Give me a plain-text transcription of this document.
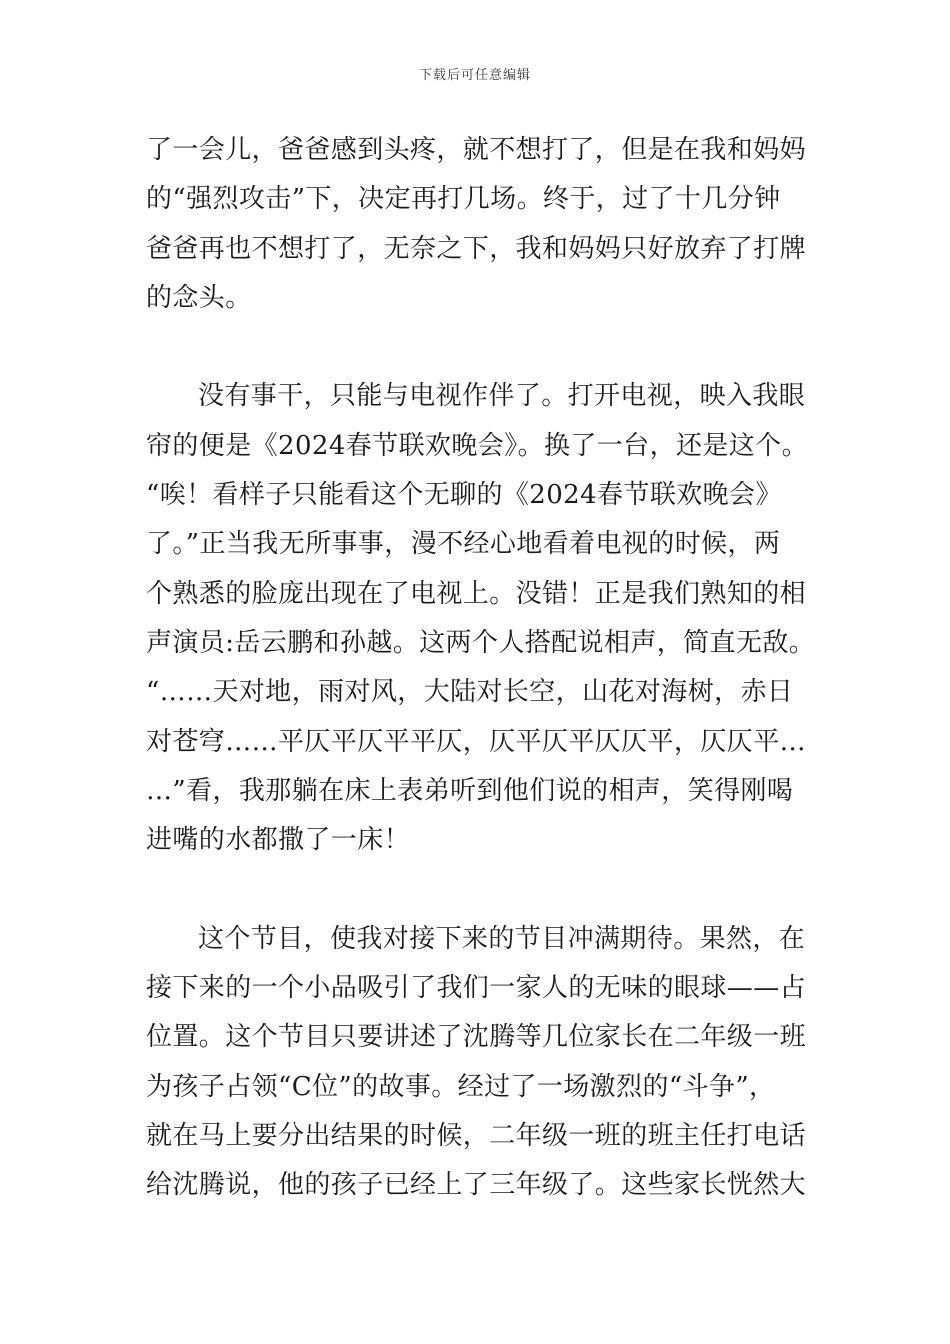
下载后可任意编辑
了一会儿，爸爸感到头疼，就不想打了，但是在我和妈妈
的“强烈攻击”下，决定再打几场。终于，过了十几分钟
爸爸再也不想打了，无奈之下，我和妈妈只好放弃了打牌
的念头。
没有事干，只能与电视作伴了。打开电视，映入我眼
帘的便是《2024春节联欢晚会》。换了一台，还是这个。
“唉！看样子只能看这个无聊的《2024春节联欢晚会》
了。”正当我无所事事，漫不经心地看着电视的时候，两
个熟悉的脸庞出现在了电视上。没错！正是我们熟知的相
声演员:岳云鹏和孙越。这两个人搭配说相声，简直无敌。
“……天对地，雨对风，大陆对长空，山花对海树，赤日
对苍穹……平仄平仄平平仄，仄平仄平仄仄平，仄仄平…
…”看，我那躺在床上表弟听到他们说的相声，笑得刚喝
进嘴的水都撒了一床！
这个节目，使我对接下来的节目冲满期待。果然，在
接下来的一个小品吸引了我们一家人的无味的眼球——占
位置。这个节目只要讲述了沈腾等几位家长在二年级一班
为孩子占领“C位”的故事。经过了一场激烈的“斗争”，
就在马上要分出结果的时候，二年级一班的班主任打电话
给沈腾说，他的孩子已经上了三年级了。这些家长恍然大
